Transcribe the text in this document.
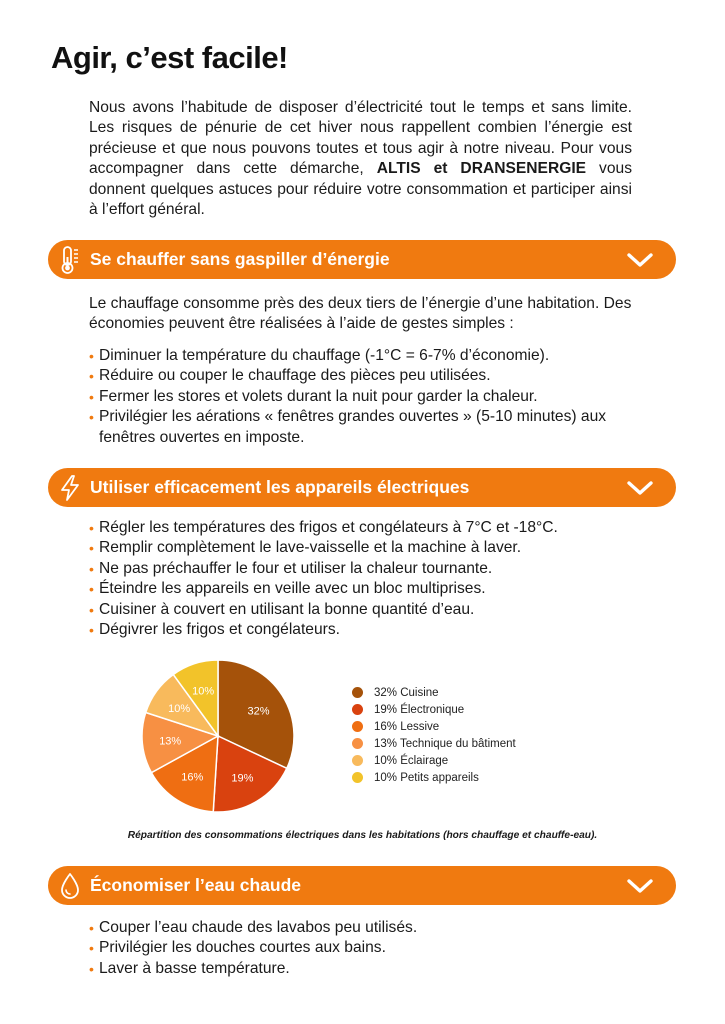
Agir, c’est facile!

Nous avons l’habitude de disposer d’électricité tout le temps et sans limite. Les risques de pénurie de cet hiver nous rappellent combien l’énergie est précieuse et que nous pouvons toutes et tous agir à notre niveau. Pour vous accompagner dans cette démarche, ALTIS et DRANSENERGIE vous donnent quelques astuces pour réduire votre consommation et participer ainsi à l’effort général.

Se chauffer sans gaspiller d’énergie

Le chauffage consomme près des deux tiers de l’énergie d’une habitation. Des économies peuvent être réalisées à l’aide de gestes simples :

• Diminuer la température du chauffage (-1°C = 6-7% d’économie).
• Réduire ou couper le chauffage des pièces peu utilisées.
• Fermer les stores et volets durant la nuit pour garder la chaleur.
• Privilégier les aérations « fenêtres grandes ouvertes » (5-10 minutes) aux fenêtres ouvertes en imposte.
Utiliser efficacement les appareils électriques
• Régler les températures des frigos et congélateurs à 7°C et -18°C.
• Remplir complètement le lave-vaisselle et la machine à laver.
• Ne pas préchauffer le four et utiliser la chaleur tournante.
• Éteindre les appareils en veille avec un bloc multiprises.
• Cuisiner à couvert en utilisant la bonne quantité d’eau.
• Dégivrer les frigos et congélateurs.
32%
19%
16%
13%
10%
10%	32% Cuisine
19% Électronique
16% Lessive
13% Technique du bâtiment
10% Éclairage
10% Petits appareils

Répartition des consommations électriques dans les habitations (hors chauffage et chauffe-eau).

Économiser l’eau chaude
• Couper l’eau chaude des lavabos peu utilisés.
• Privilégier les douches courtes aux bains.
• Laver à basse température.
